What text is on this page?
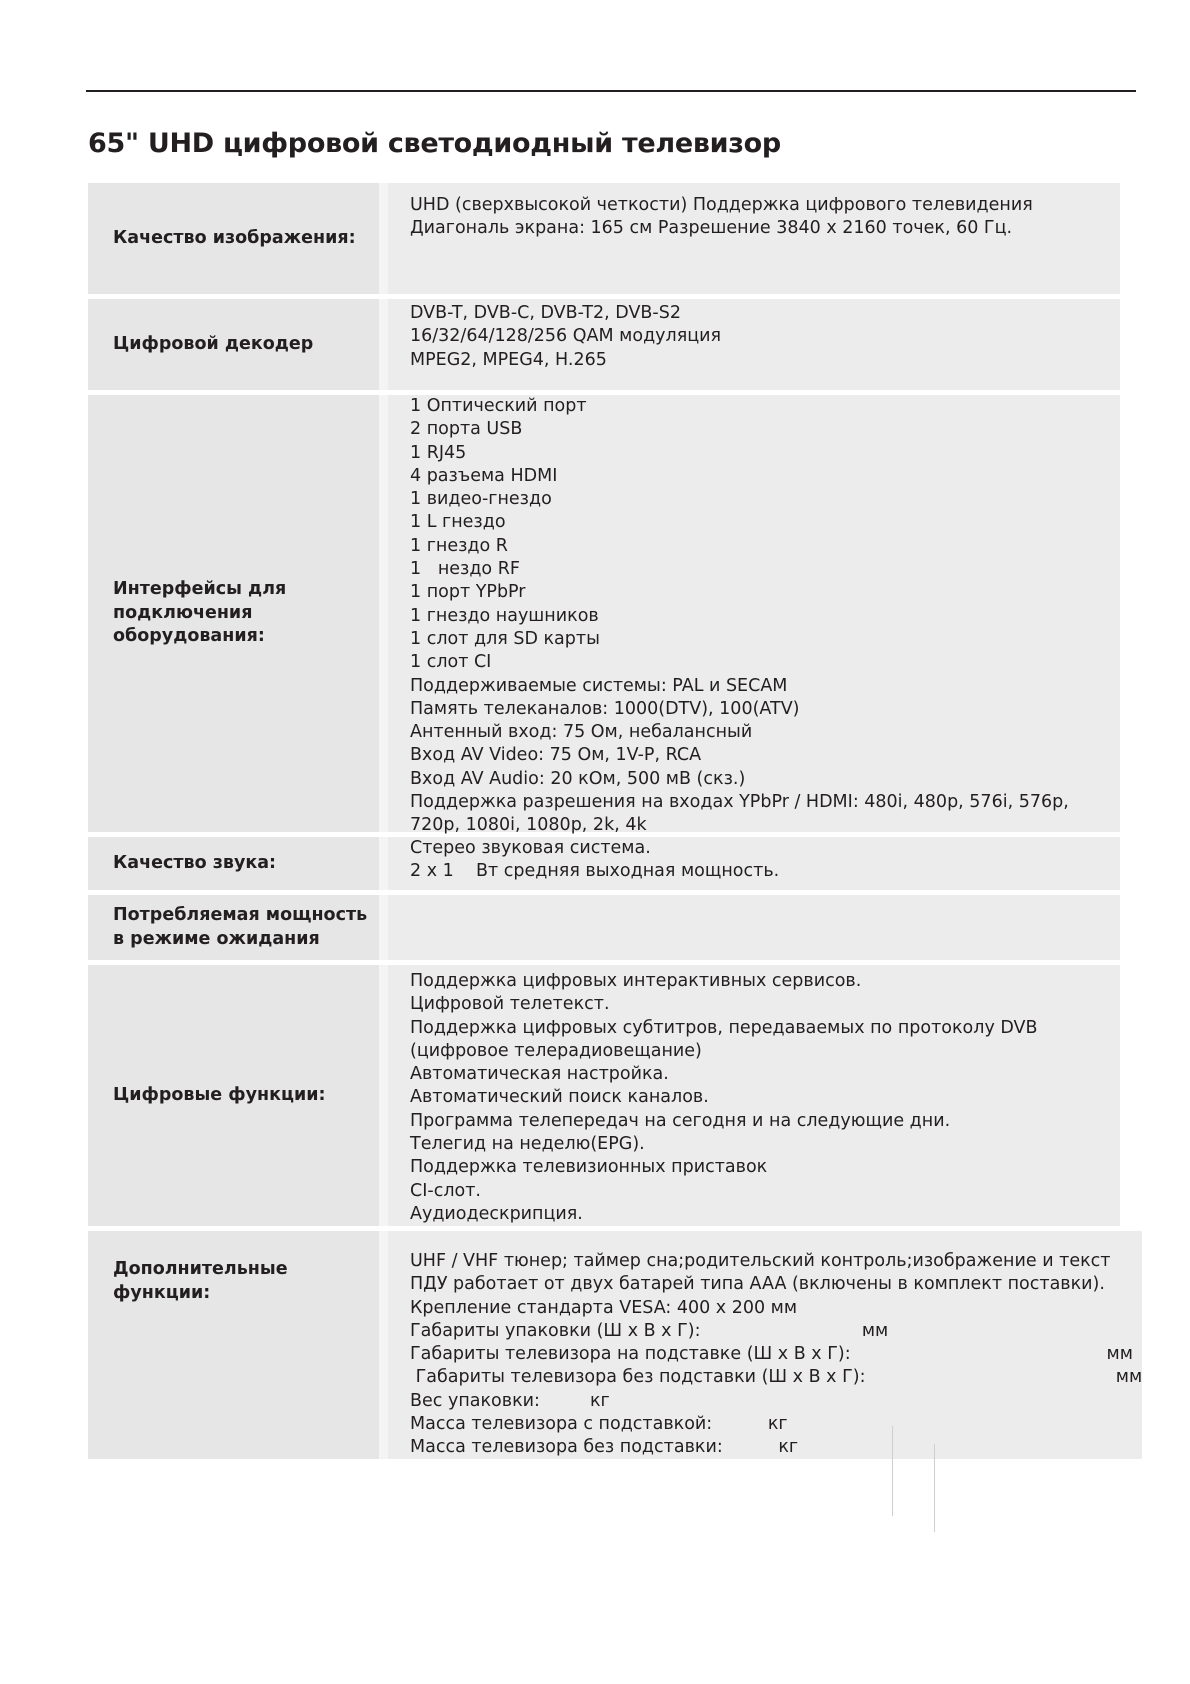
65" UHD цифровой светодиодный телевизор
Качество изображения:
UHD (сверхвысокой четкости) Поддержка цифрового телевидения
Диагональ экрана: 165 см Разрешение 3840 x 2160 точек, 60 Гц.
Цифровой декодер
DVB-T, DVB-C, DVB-T2, DVB-S2
16/32/64/128/256 QAM модуляция
MPEG2, MPEG4, H.265
Интерфейсы для подключения оборудования:
1 Оптический порт
2 порта USB
1 RJ45
4 разъема HDMI
1 видео-гнездо
1 L гнездо
1 гнездо R
1   нездо RF
1 порт YPbPr
1 гнездо наушников
1 слот для SD карты
1 слот CI
Поддерживаемые системы: PAL и SECAM
Память телеканалов: 1000(DTV), 100(ATV)
Антенный вход: 75 Ом, небалансный
Вход AV Video: 75 Ом, 1V-P, RCA
Вход AV Audio: 20 кОм, 500 мВ (скз.)
Поддержка разрешения на входах YPbPr / HDMI: 480i, 480p, 576i, 576p,
720p, 1080i, 1080p, 2k, 4k
Качество звука:
Стерео звуковая система.
2 x 1    Вт средняя выходная мощность.
Потребляемая мощность в режиме ожидания
Цифровые функции:
Поддержка цифровых интерактивных сервисов.
Цифровой телетекст.
Поддержка цифровых субтитров, передаваемых по протоколу DVB
(цифровое телерадиовещание)
Автоматическая настройка.
Автоматический поиск каналов.
Программа телепередач на сегодня и на следующие дни.
Телегид на неделю(EPG).
Поддержка телевизионных приставок
CI-слот.
Аудиодескрипция.
Дополнительные функции:
UHF / VHF тюнер; таймер сна;родительский контроль;изображение и текст
ПДУ работает от двух батарей типа AAA (включены в комплект поставки).
Крепление стандарта VESA: 400 x 200 мм
Габариты упаковки (Ш x В x Г):                             мм
Габариты телевизора на подставке (Ш x В x Г):                                              мм
Габариты телевизора без подставки (Ш x В x Г):                                             мм
Вес упаковки:         кг
Масса телевизора с подставкой:          кг
Масса телевизора без подставки:          кг
